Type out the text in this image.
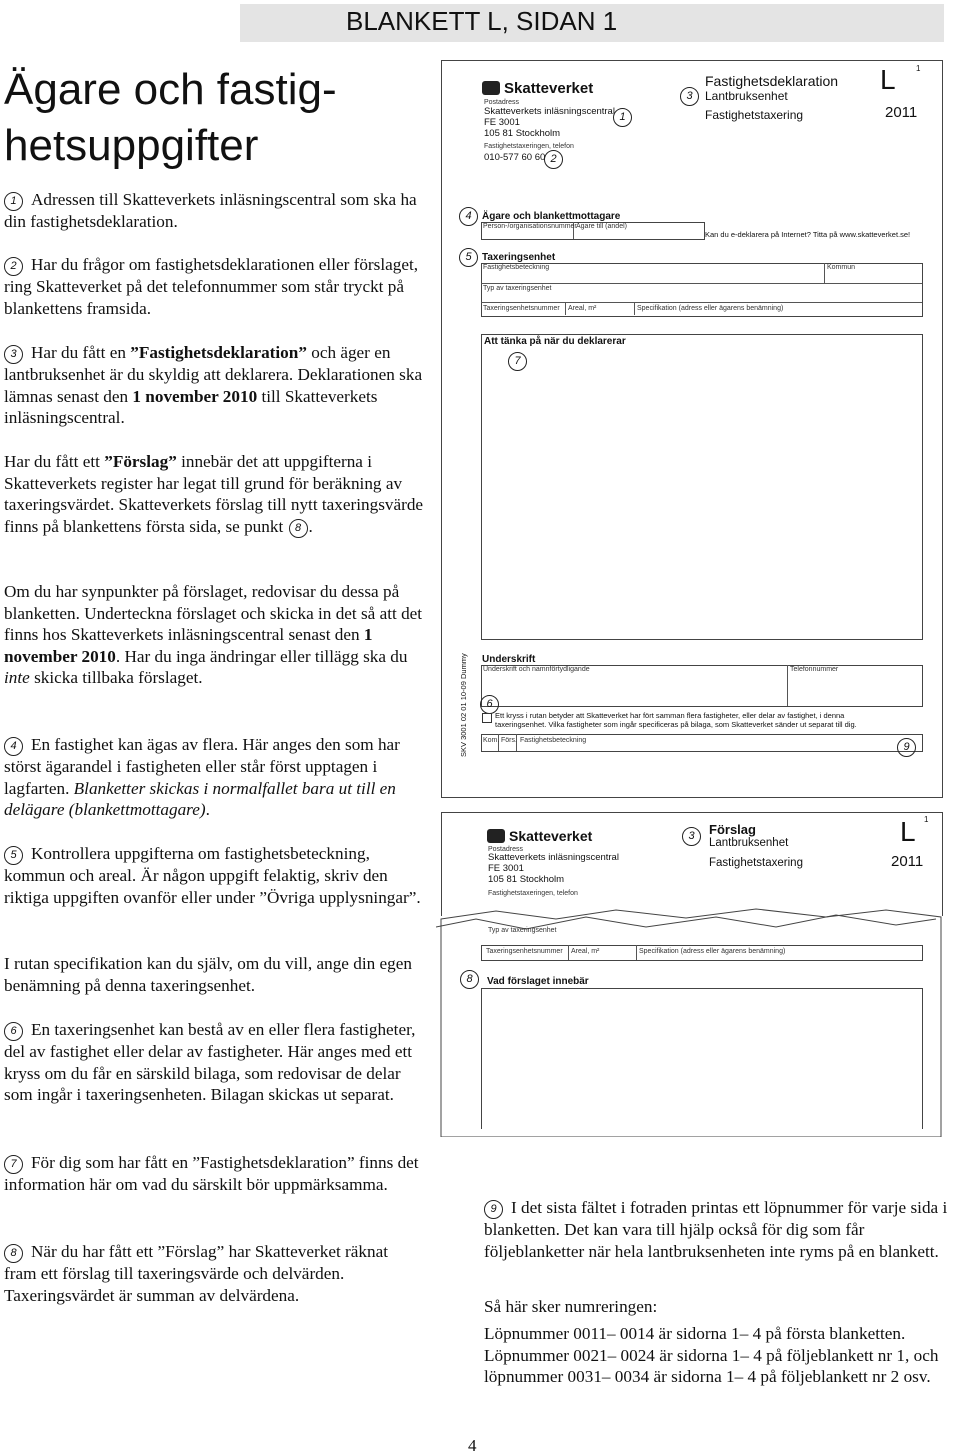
BLANKETT L, SIDAN 1
Ägare och fastig-hetsuppgifter

1 Adressen till Skatteverkets inläsningscentral som ska ha din fastighetsdeklaration.

2 Har du frågor om fastighetsdeklarationen eller förslaget, ring Skatteverket på det telefonnummer som står tryckt på blankettens framsida.

3 Har du fått en ”Fastighetsdeklaration” och äger en lantbruksenhet är du skyldig att deklarera. Deklarationen ska lämnas senast den 1 november 2010 till Skatteverkets inläsningscentral.

Har du fått ett ”Förslag” innebär det att uppgifterna i Skatteverkets register har legat till grund för beräkning av taxeringsvärdet. Skatteverkets förslag till nytt taxeringsvärde finns på blankettens första sida, se punkt 8 .

Om du har synpunkter på förslaget, redovisar du dessa på blanketten. Underteckna förslaget och skicka in det så att det finns hos Skatteverkets inläsningscentral senast den 1 november 2010. Har du inga ändringar eller tillägg ska du inte skicka tillbaka förslaget.

4 En fastighet kan ägas av flera. Här anges den som har störst ägarandel i fastigheten eller står först upptagen i lagfarten. Blanketter skickas i normalfallet bara ut till en delägare (blankettmottagare).

5 Kontrollera uppgifterna om fastighetsbeteckning, kommun och areal. Är någon uppgift felaktig, skriv den riktiga uppgiften ovanför eller under ”Övriga upplysningar”.

I rutan specifikation kan du själv, om du vill, ange din egen benämning på denna taxeringsenhet.

6 En taxeringsenhet kan bestå av en eller flera fastigheter, del av fastighet eller delar av fastigheter. Här anges med ett kryss om du får en särskild bilaga, som redovisar de delar som ingår i taxeringsenheten. Bilagan skickas ut separat.

7 För dig som har fått en ”Fastighetsdeklaration” finns det information här om vad du särskilt bör uppmärksamma.

8 När du har fått ett ”Förslag” har Skatteverket räknat fram ett förslag till taxeringsvärde och delvärden. Taxeringsvärdet är summan av delvärdena.

Skatteverket
Postadress
Skatteverkets inläsningscentral
FE 3001
105 81 Stockholm
Fastighetstaxeringen, telefon
010-577 60 60 2
1
3
Fastighetsdeklaration
Lantbruksenhet
Fastighetstaxering
L	1
2011
4	Ägare och blankettmottagare
Person-/organisationsnummer Ägare till (andel)
Kan du e-deklarera på Internet? Titta på www.skatteverket.se!
5	Taxeringsenhet
Fastighetsbeteckning	Kommun
Typ av taxeringsenhet
Taxeringsenhetsnummer Areal, m²	Specifikation (adress eller ägarens benämning)
Att tänka på när du deklarerar
7
SKV 3001 02 01 10-09 Dummy Underskrift
Underskrift och namnförtydligande	Telefonnummer
6
Ett kryss i rutan betyder att Skatteverket har fört samman flera fastigheter, eller delar av fastighet, i denna taxeringsenhet. Vilka fastigheter som ingår specificeras på bilaga, som Skatteverket sänder ut separat till dig.
Kom. Förs. Fastighetsbeteckning
9
Skatteverket
Postadress
Skatteverkets inläsningscentral
FE 3001
105 81 Stockholm
Fastighetstaxeringen, telefon
3	Förslag
Lantbruksenhet
Fastighetstaxering
L 1
2011
Typ av taxeringsenhet
Taxeringsenhetsnummer Areal, m²	Specifikation (adress eller ägarens benämning)
8	Vad förslaget innebär

9 I det sista fältet i fotraden printas ett löpnummer för varje sida i blanketten. Det kan vara till hjälp också för dig som får följeblanketter när hela lantbruksenheten inte ryms på en blankett.

Så här sker numreringen:
Löpnummer 0011– 0014 är sidorna 1– 4 på första blanketten. Löpnummer 0021– 0024 är sidorna 1– 4 på följeblankett nr 1, och löpnummer 0031– 0034 är sidorna 1– 4 på följeblankett nr 2 osv.
4
